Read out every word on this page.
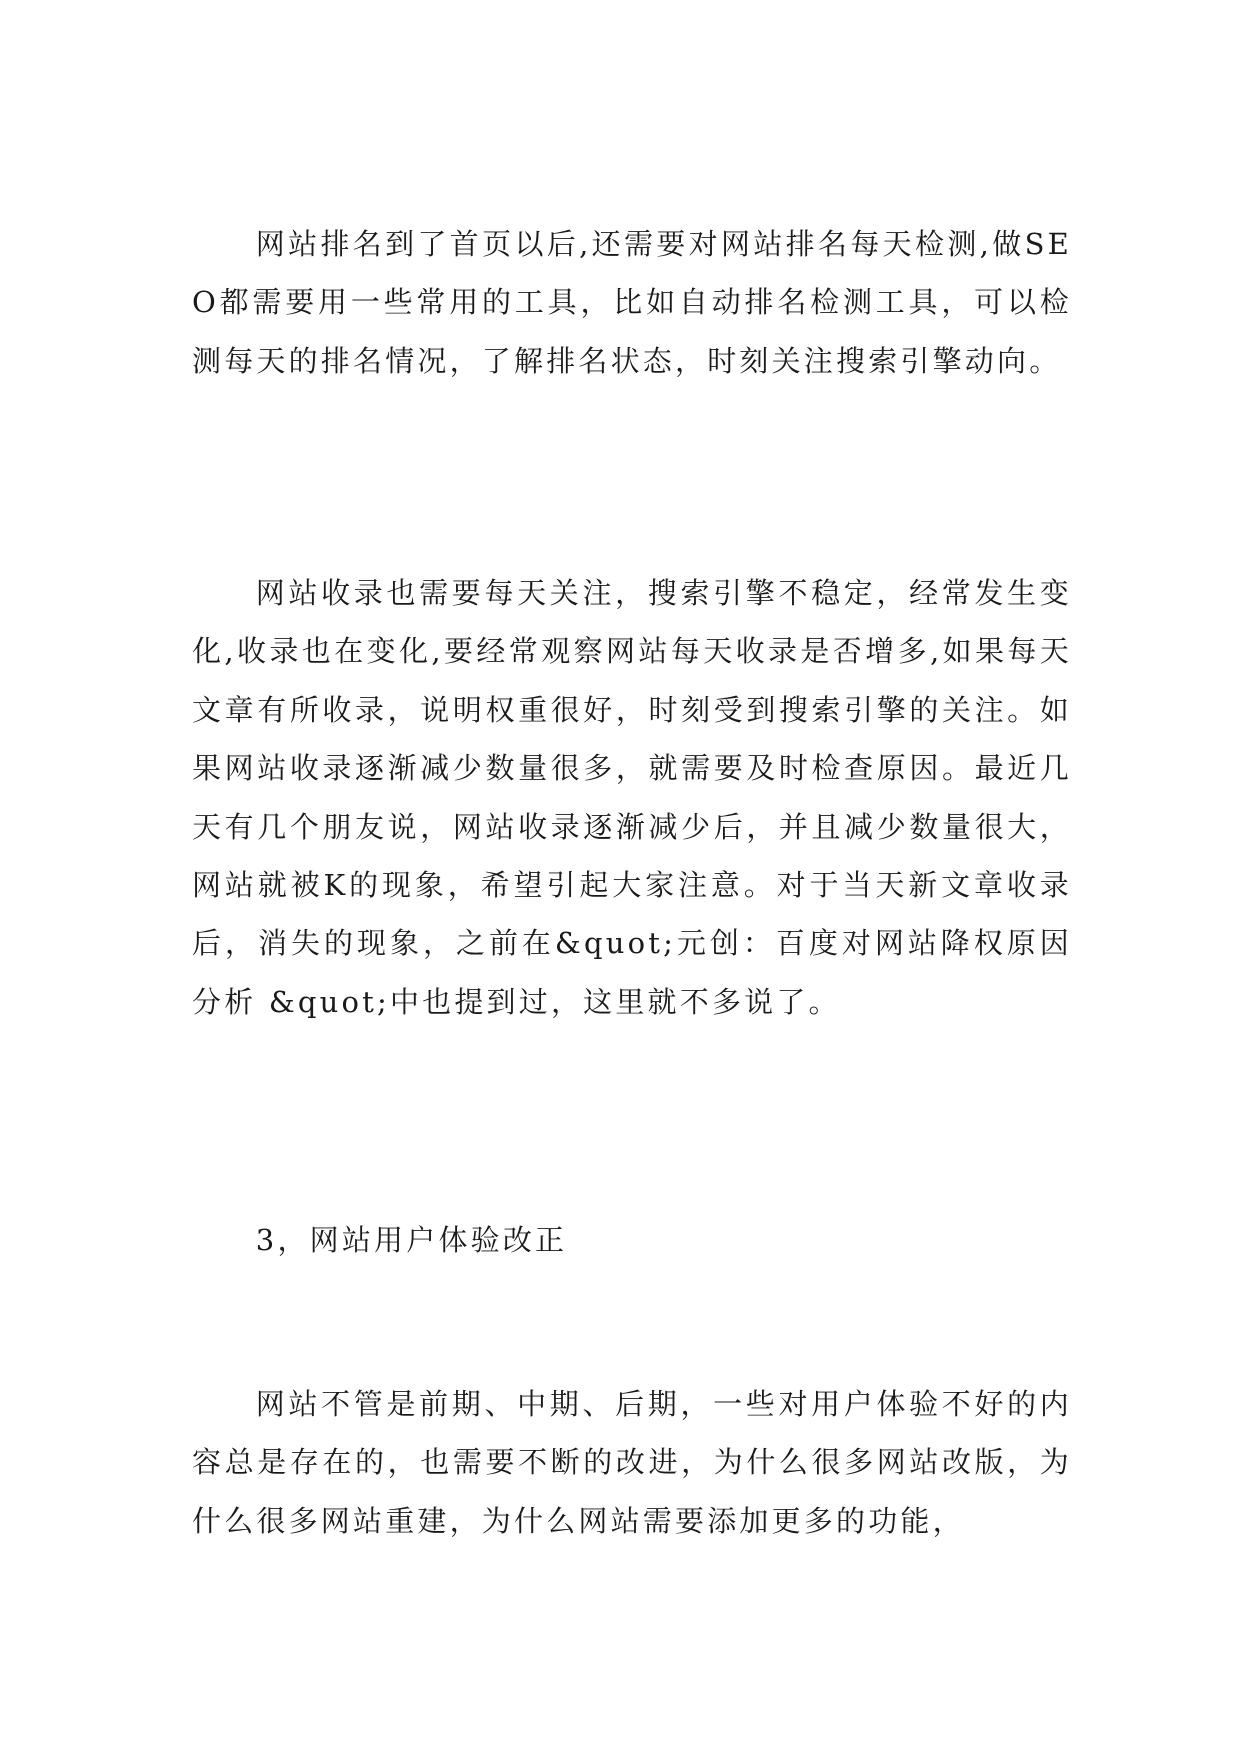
网站排名到了首页以后,还需要对网站排名每天检测,做SEO都需要用一些常用的工具，比如自动排名检测工具，可以检测每天的排名情况，了解排名状态，时刻关注搜索引擎动向。

网站收录也需要每天关注，搜索引擎不稳定，经常发生变化,收录也在变化,要经常观察网站每天收录是否增多,如果每天文章有所收录，说明权重很好，时刻受到搜索引擎的关注。如果网站收录逐渐减少数量很多，就需要及时检查原因。最近几天有几个朋友说，网站收录逐渐减少后，并且减少数量很大，网站就被K的现象，希望引起大家注意。对于当天新文章收录后，消失的现象，之前在&quot;元创：百度对网站降权原因分析 &quot;中也提到过，这里就不多说了。

3，网站用户体验改正

网站不管是前期、中期、后期，一些对用户体验不好的内容总是存在的，也需要不断的改进，为什么很多网站改版，为什么很多网站重建，为什么网站需要添加更多的功能，
